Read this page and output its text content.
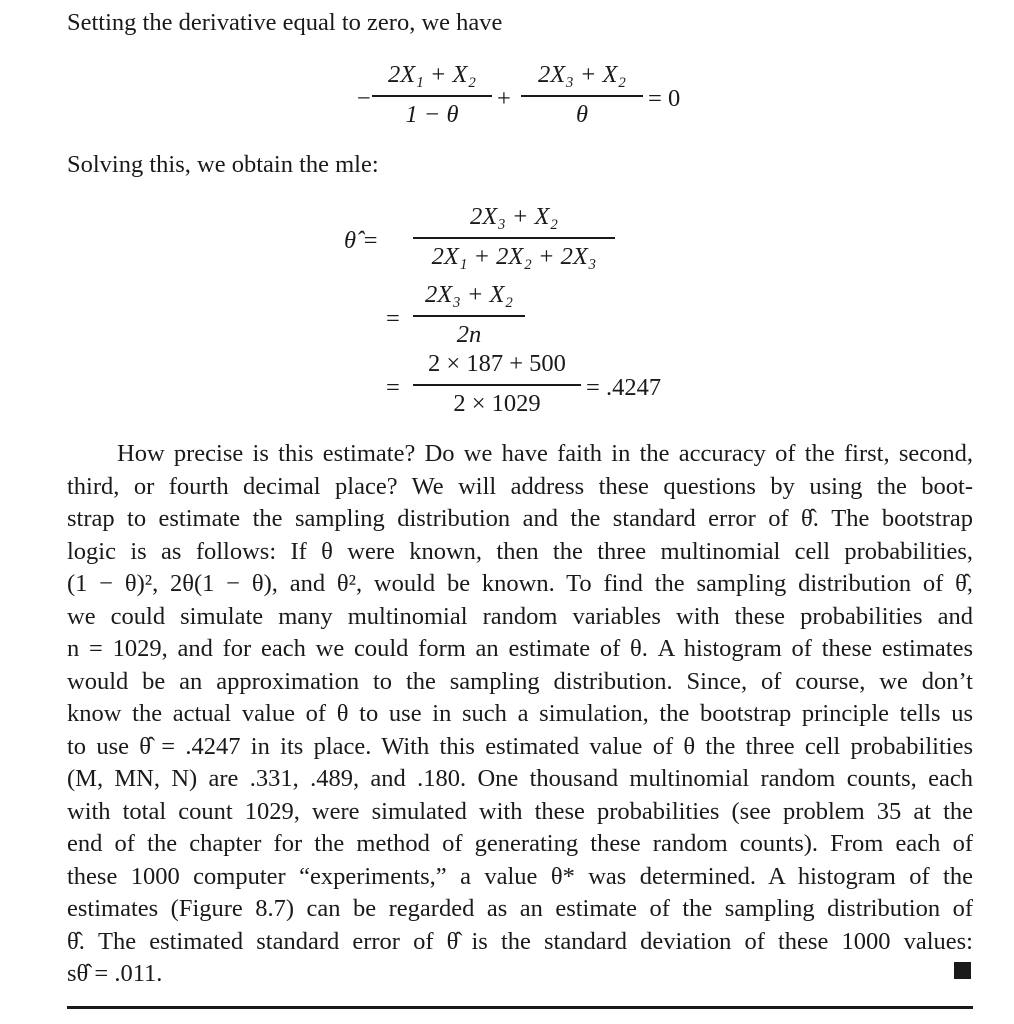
Setting the derivative equal to zero, we have
−
2X₁ + X₂
1 − θ
+
2X₃ + X₂
θ
= 0
Solving this, we obtain the mle:
θ̂ =
2X₃ + X₂
2X₁ + 2X₂ + 2X₃
=
2X₃ + X₂
2n
=
2 × 187 + 500
2 × 1029
= .4247
How precise is this estimate? Do we have faith in the accuracy of the first, second,
third, or fourth decimal place? We will address these questions by using the boot-
strap to estimate the sampling distribution and the standard error of θ̂. The bootstrap
logic is as follows: If θ were known, then the three multinomial cell probabilities,
(1 − θ)², 2θ(1 − θ), and θ², would be known. To find the sampling distribution of θ̂,
we could simulate many multinomial random variables with these probabilities and
n = 1029, and for each we could form an estimate of θ. A histogram of these estimates
would be an approximation to the sampling distribution. Since, of course, we don’t
know the actual value of θ to use in such a simulation, the bootstrap principle tells us
to use θ̂ = .4247 in its place. With this estimated value of θ the three cell probabilities
(M, MN, N) are .331, .489, and .180. One thousand multinomial random counts, each
with total count 1029, were simulated with these probabilities (see problem 35 at the
end of the chapter for the method of generating these random counts). From each of
these 1000 computer “experiments,” a value θ* was determined. A histogram of the
estimates (Figure 8.7) can be regarded as an estimate of the sampling distribution of
θ̂. The estimated standard error of θ̂ is the standard deviation of these 1000 values:
sθ̂ = .011.
